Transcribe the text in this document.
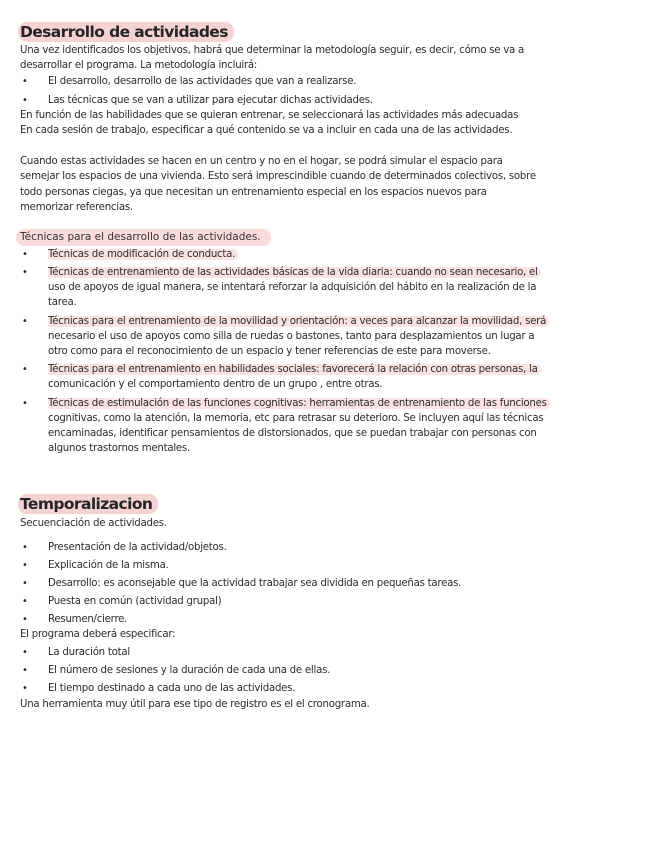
Desarrollo de actividades
Una vez identificados los objetivos, habrá que determinar la metodología seguir, es decir, cómo se va a
desarrollar el programa. La metodología incluirá:
• El desarrollo, desarrollo de las actividades que van a realizarse.
• Las técnicas que se van a utilizar para ejecutar dichas actividades.
En función de las habilidades que se quieran entrenar, se seleccionará las actividades más adecuadas
En cada sesión de trabajo, especificar a qué contenido se va a incluir en cada una de las actividades.
Cuando estas actividades se hacen en un centro y no en el hogar, se podrá simular el espacio para
semejar los espacios de una vivienda. Esto será imprescindible cuando de determinados colectivos, sobre
todo personas ciegas, ya que necesitan un entrenamiento especial en los espacios nuevos para
memorizar referencias.
Técnicas para el desarrollo de las actividades.
• Técnicas de modificación de conducta.
• Técnicas de entrenamiento de las actividades básicas de la vida diaria: cuando no sean necesario, el
uso de apoyos de igual manera, se intentará reforzar la adquisición del hábito en la realización de la
tarea.
• Técnicas para el entrenamiento de la movilidad y orientación: a veces para alcanzar la movilidad, será
necesario el uso de apoyos como silla de ruedas o bastones, tanto para desplazamientos un lugar a
otro como para el reconocimiento de un espacio y tener referencias de este para moverse.
• Técnicas para el entrenamiento en habilidades sociales: favorecerá la relación con otras personas, la
comunicación y el comportamiento dentro de un grupo , entre otras.
• Técnicas de estimulación de las funciones cognitivas: herramientas de entrenamiento de las funciones
cognitivas, como la atención, la memoria, etc para retrasar su deterioro. Se incluyen aquí las técnicas
encaminadas, identificar pensamientos de distorsionados, que se puedan trabajar con personas con
algunos trastornos mentales.
Temporalizacion
Secuenciación de actividades.
• Presentación de la actividad/objetos.
• Explicación de la misma.
• Desarrollo: es aconsejable que la actividad trabajar sea dividida en pequeñas tareas.
• Puesta en común (actividad grupal)
• Resumen/cierre.
El programa deberá especificar:
• La duración total
• El número de sesiones y la duración de cada una de ellas.
• El tiempo destinado a cada uno de las actividades.
Una herramienta muy útil para ese tipo de registro es el el cronograma.
